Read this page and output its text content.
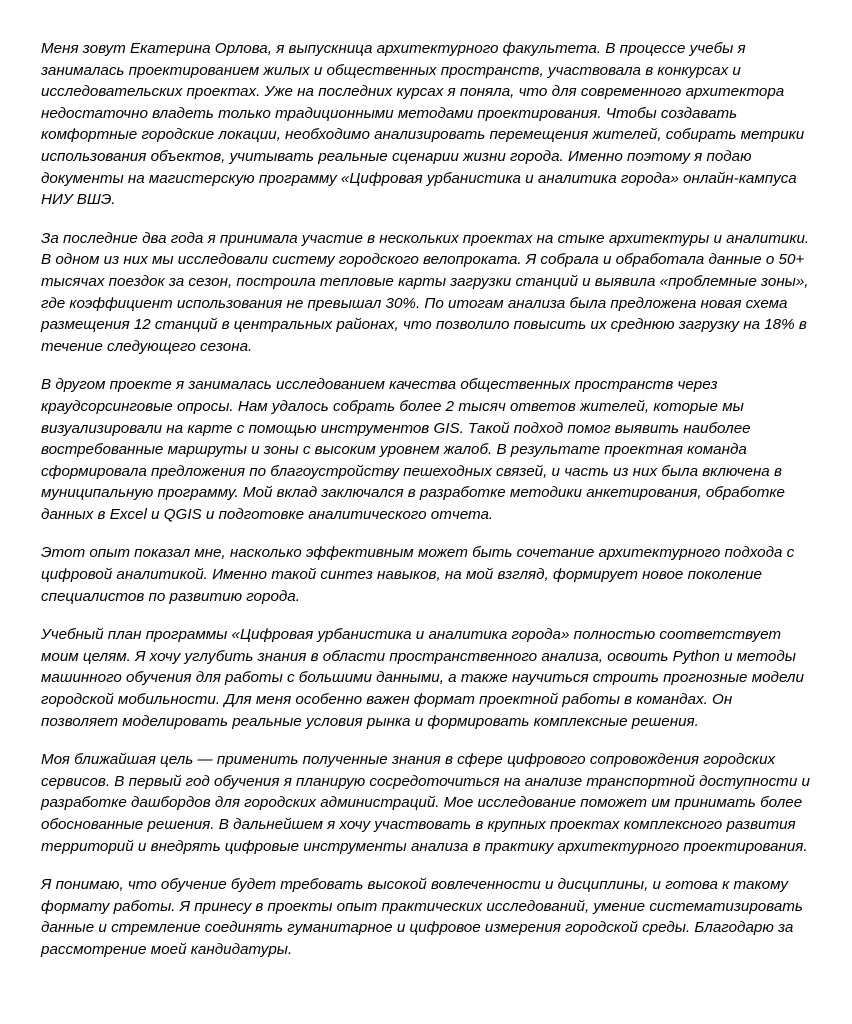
Меня зовут Екатерина Орлова, я выпускница архитектурного факультета. В процессе учебы я занималась проектированием жилых и общественных пространств, участвовала в конкурсах и исследовательских проектах. Уже на последних курсах я поняла, что для современного архитектора недостаточно владеть только традиционными методами проектирования. Чтобы создавать комфортные городские локации, необходимо анализировать перемещения жителей, собирать метрики использования объектов, учитывать реальные сценарии жизни города. Именно поэтому я подаю документы на магистерскую программу «Цифровая урбанистика и аналитика города» онлайн-кампуса НИУ ВШЭ.

За последние два года я принимала участие в нескольких проектах на стыке архитектуры и аналитики. В одном из них мы исследовали систему городского велопроката. Я собрала и обработала данные о 50+ тысячах поездок за сезон, построила тепловые карты загрузки станций и выявила «проблемные зоны», где коэффициент использования не превышал 30%. По итогам анализа была предложена новая схема размещения 12 станций в центральных районах, что позволило повысить их среднюю загрузку на 18% в течение следующего сезона.

В другом проекте я занималась исследованием качества общественных пространств через краудсорсинговые опросы. Нам удалось собрать более 2 тысяч ответов жителей, которые мы визуализировали на карте с помощью инструментов GIS. Такой подход помог выявить наиболее востребованные маршруты и зоны с высоким уровнем жалоб. В результате проектная команда сформировала предложения по благоустройству пешеходных связей, и часть из них была включена в муниципальную программу. Мой вклад заключался в разработке методики анкетирования, обработке данных в Excel и QGIS и подготовке аналитического отчета.

Этот опыт показал мне, насколько эффективным может быть сочетание архитектурного подхода с цифровой аналитикой. Именно такой синтез навыков, на мой взгляд, формирует новое поколение специалистов по развитию города.

Учебный план программы «Цифровая урбанистика и аналитика города» полностью соответствует моим целям. Я хочу углубить знания в области пространственного анализа, освоить Python и методы машинного обучения для работы с большими данными, а также научиться строить прогнозные модели городской мобильности. Для меня особенно важен формат проектной работы в командах. Он позволяет моделировать реальные условия рынка и формировать комплексные решения.

Моя ближайшая цель — применить полученные знания в сфере цифрового сопровождения городских сервисов. В первый год обучения я планирую сосредоточиться на анализе транспортной доступности и разработке дашбордов для городских администраций. Мое исследование поможет им принимать более обоснованные решения. В дальнейшем я хочу участвовать в крупных проектах комплексного развития территорий и внедрять цифровые инструменты анализа в практику архитектурного проектирования.

Я понимаю, что обучение будет требовать высокой вовлеченности и дисциплины, и готова к такому формату работы. Я принесу в проекты опыт практических исследований, умение систематизировать данные и стремление соединять гуманитарное и цифровое измерения городской среды. Благодарю за рассмотрение моей кандидатуры.
